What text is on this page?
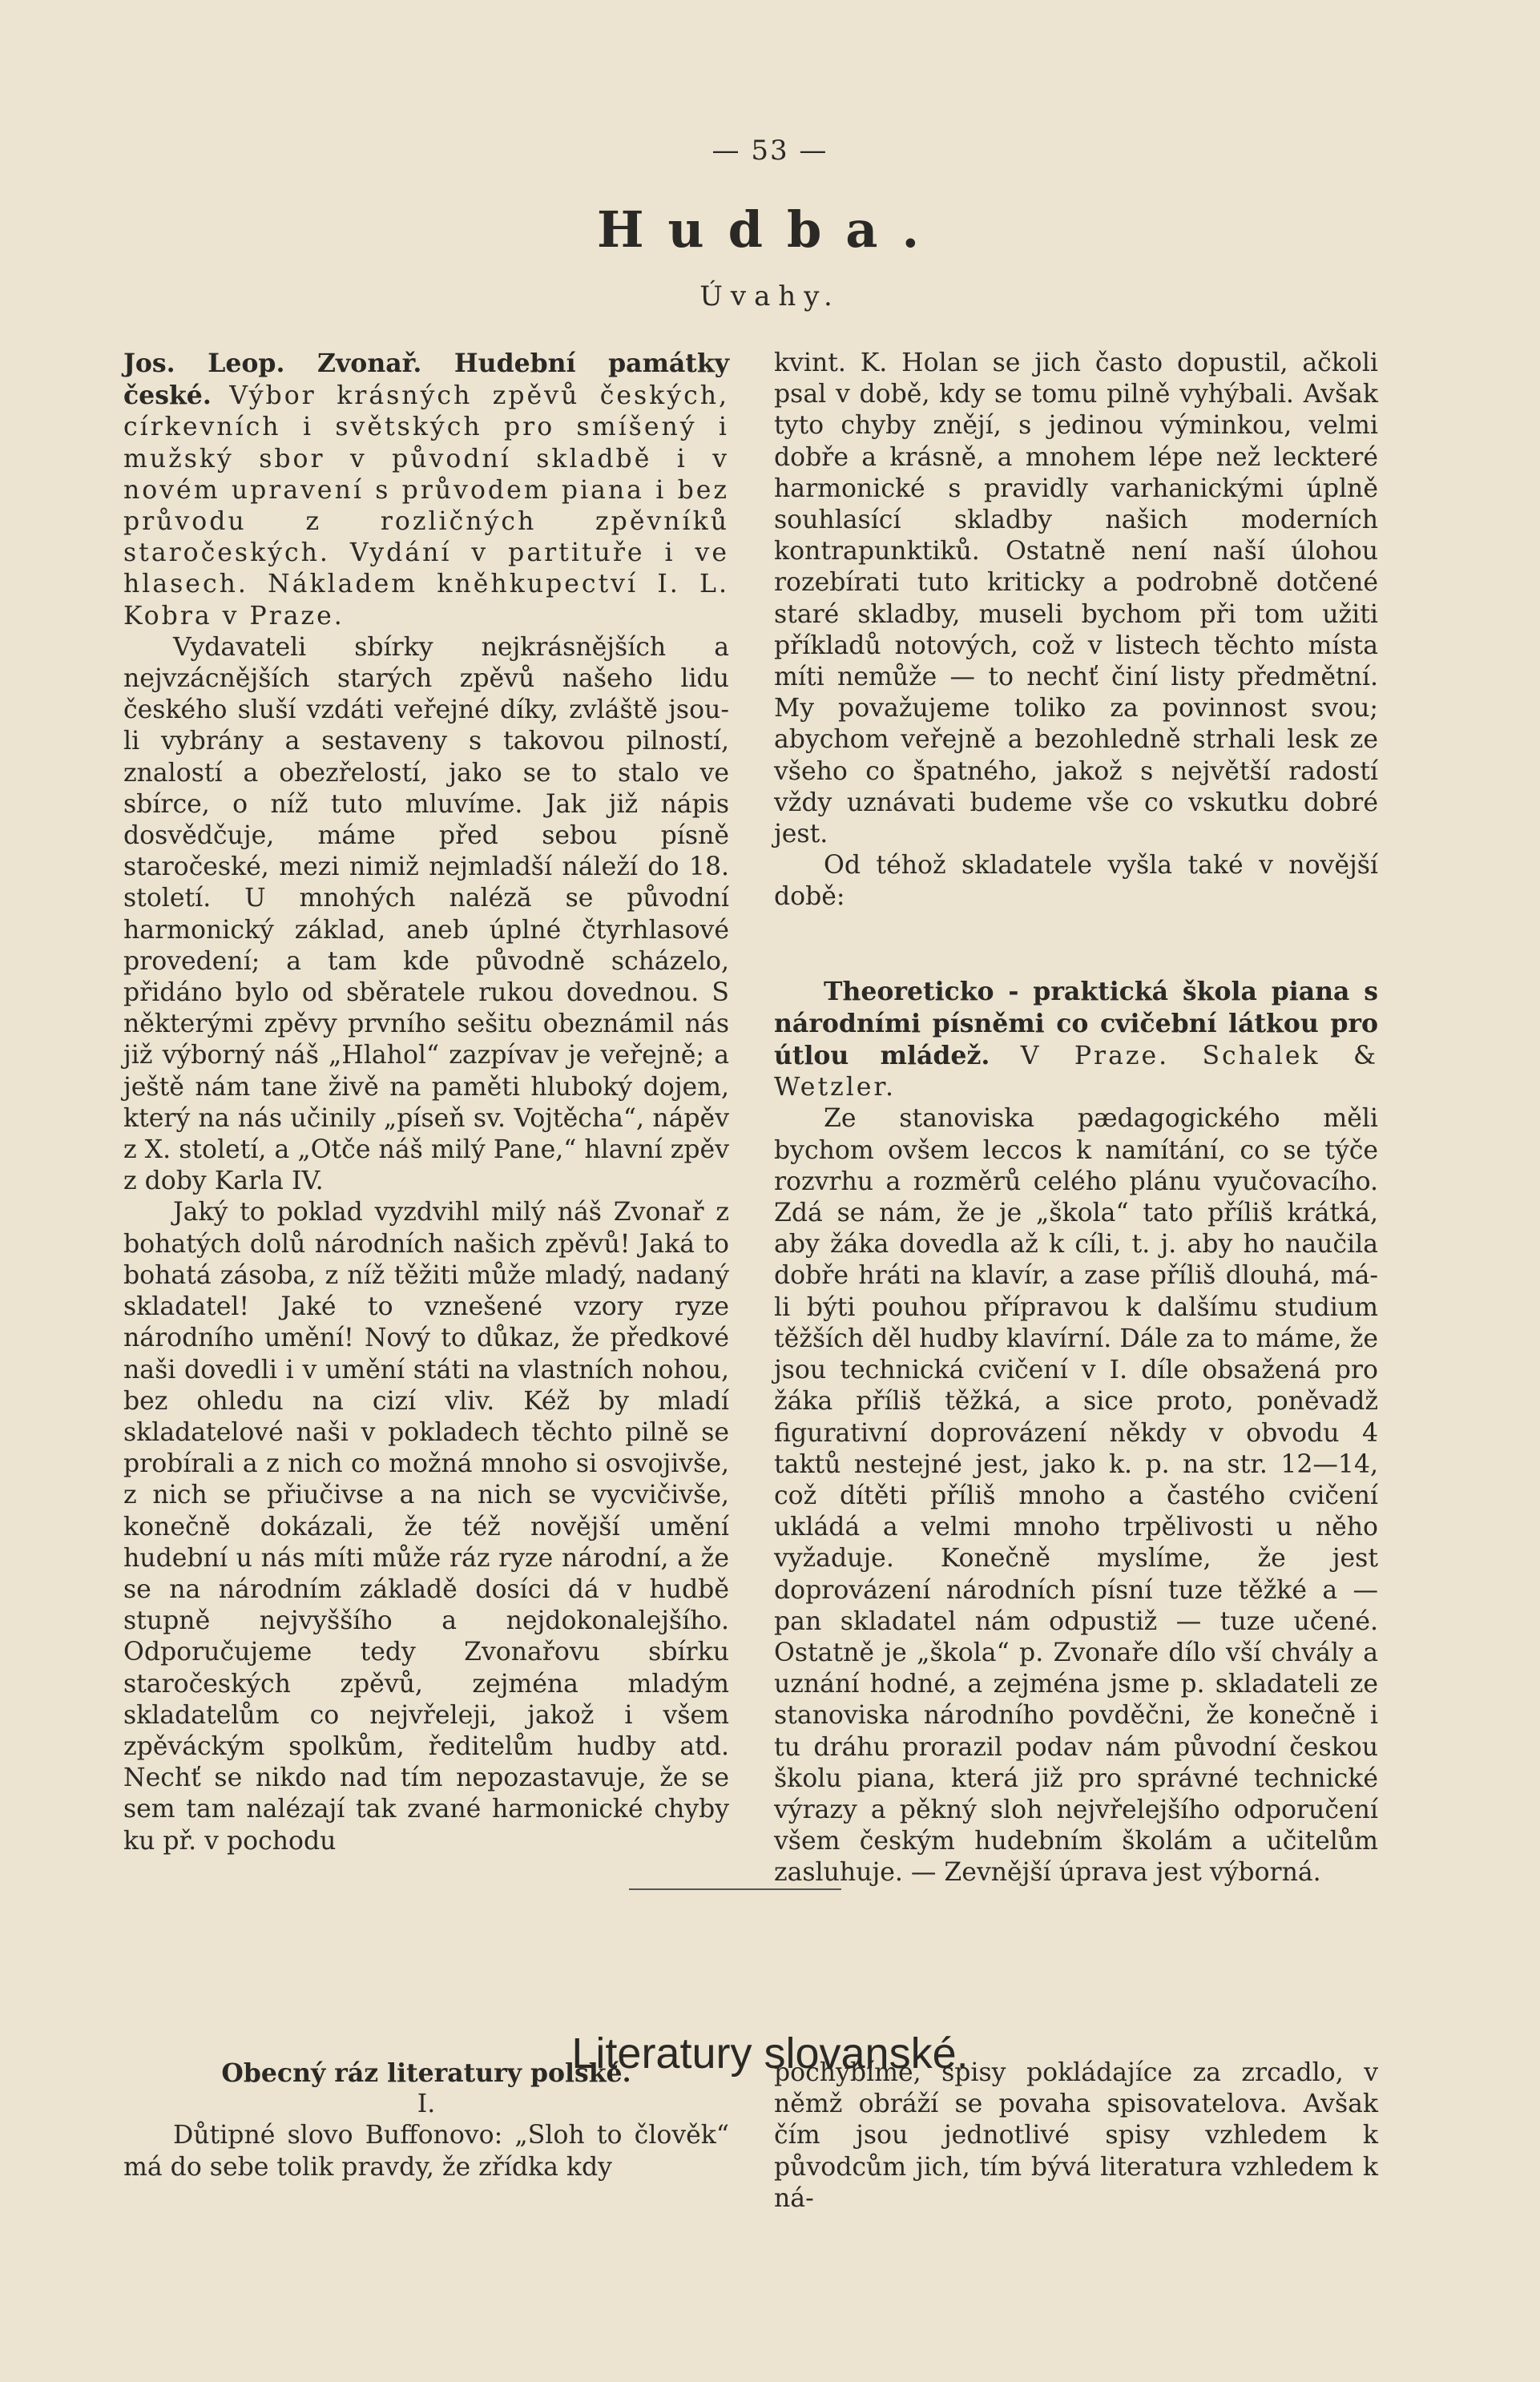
— 53 —
Hudba.
Úvahy.

Jos. Leop. Zvonař. Hudební památky české. Výbor krásných zpěvů českých, církevních i světských pro smíšený i mužský sbor v původní skladbě i v novém upravení s průvodem piana i bez průvodu z rozličných zpěvníků staročeských. Vydání v partituře i ve hlasech. Nákladem kněhkupectví I. L. Kobra v Praze.

Vydavateli sbírky nejkrásnějších a nejvzácnějších starých zpěvů našeho lidu českého sluší vzdáti veřejné díky, zvláště jsou-li vybrány a sestaveny s takovou pilností, znalostí a obezřelostí, jako se to stalo ve sbírce, o níž tuto mluvíme. Jak již nápis dosvědčuje, máme před sebou písně staročeské, mezi nimiž nejmladší náleží do 18. století. U mnohých naléză se původní harmonický základ, aneb úplné čtyrhlasové provedení; a tam kde původně scházelo, přidáno bylo od sběratele rukou dovednou. S některými zpěvy prvního sešitu obeznámil nás již výborný náš „Hlahol“ zazpívav je veřejně; a ještě nám tane živě na paměti hluboký dojem, který na nás učinily „píseň sv. Vojtěcha“, nápěv z X. století, a „Otče náš milý Pane,“ hlavní zpěv z doby Karla IV.

Jaký to poklad vyzdvihl milý náš Zvonař z bohatých dolů národních našich zpěvů! Jaká to bohatá zásoba, z níž těžiti může mladý, nadaný skladatel! Jaké to vznešené vzory ryze národního umění! Nový to důkaz, že předkové naši dovedli i v umění státi na vlastních nohou, bez ohledu na cizí vliv. Kéž by mladí skladatelové naši v pokladech těchto pilně se probírali a z nich co možná mnoho si osvojivše, z nich se přiučivse a na nich se vycvičivše, konečně dokázali, že též novější umění hudební u nás míti může ráz ryze národní, a že se na národním základě dosíci dá v hudbě stupně nejvyššího a nejdokonalejšího. Odporučujeme tedy Zvonařovu sbírku staročeských zpěvů, zejména mladým skladatelům co nejvřeleji, jakož i všem zpěváckým spolkům, ředitelům hudby atd. Nechť se nikdo nad tím nepozastavuje, že se sem tam nalézají tak zvané harmonické chyby ku př. v pochodu

kvint. K. Holan se jich často dopustil, ačkoli psal v době, kdy se tomu pilně vyhýbali. Avšak tyto chyby znějí, s jedinou výminkou, velmi dobře a krásně, a mnohem lépe než leckteré harmonické s pravidly varhanickými úplně souhlasící skladby našich moderních kontrapunktiků. Ostatně není naší úlohou rozebírati tuto kriticky a podrobně dotčené staré skladby, museli bychom při tom užiti příkladů notových, což v listech těchto místa míti nemůže — to nechť činí listy předmětní. My považujeme toliko za povinnost svou; abychom veřejně a bezohledně strhali lesk ze všeho co špatného, jakož s největší radostí vždy uznávati budeme vše co vskutku dobré jest.

Od téhož skladatele vyšla také v novější době:

Theoreticko - praktická škola piana s národními písněmi co cvičební látkou pro útlou mládež. V Praze. Schalek & Wetzler.

Ze stanoviska pædagogického měli bychom ovšem leccos k namítání, co se týče rozvrhu a rozměrů celého plánu vyučovacího. Zdá se nám, že je „škola“ tato příliš krátká, aby žáka dovedla až k cíli, t. j. aby ho naučila dobře hráti na klavír, a zase příliš dlouhá, má-li býti pouhou přípravou k dalšímu studium těžších děl hudby klavírní. Dále za to máme, že jsou technická cvičení v I. díle obsažená pro žáka příliš těžká, a sice proto, poněvadž figurativní doprovázení někdy v obvodu 4 taktů nestejné jest, jako k. p. na str. 12—14, což dítěti příliš mnoho a častého cvičení ukládá a velmi mnoho trpělivosti u něho vyžaduje. Konečně myslíme, že jest doprovázení národních písní tuze těžké a — pan skladatel nám odpustiž — tuze učené. Ostatně je „škola“ p. Zvonaře dílo vší chvály a uznání hodné, a zejména jsme p. skladateli ze stanoviska národního povděčni, že konečně i tu dráhu prorazil podav nám původní českou školu piana, která již pro správné technické výrazy a pěkný sloh nejvřelejšího odporučení všem českým hudebním školám a učitelům zasluhuje. — Zevnější úprava jest výborná.

Literatury slovanské.

Obecný ráz literatury polské.

I.

Důtipné slovo Buffonovo: „Sloh to člověk“ má do sebe tolik pravdy, že zřídka kdy

pochybíme, spisy pokládajíce za zrcadlo, v němž obráží se povaha spisovatelova. Avšak čím jsou jednotlivé spisy vzhledem k původcům jich, tím bývá literatura vzhledem k ná-
